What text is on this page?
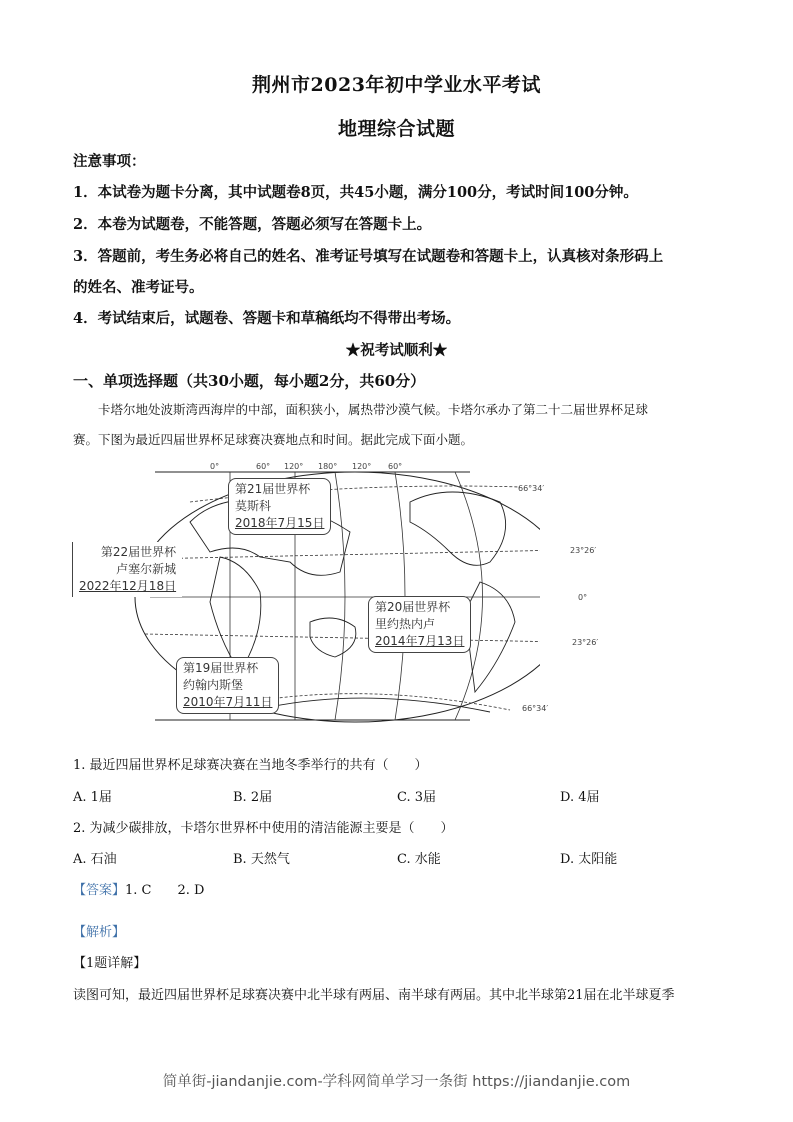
荆州市2023年初中学业水平考试
地理综合试题
注意事项：
1．本试卷为题卡分离，其中试题卷8页，共45小题，满分100分，考试时间100分钟。
2．本卷为试题卷，不能答题，答题必须写在答题卡上。
3．答题前，考生务必将自己的姓名、准考证号填写在试题卷和答题卡上，认真核对条形码上
的姓名、准考证号。
4．考试结束后，试题卷、答题卡和草稿纸均不得带出考场。
★祝考试顺利★
一、单项选择题（共30小题，每小题2分，共60分）
卡塔尔地处波斯湾西海岸的中部，面积狭小，属热带沙漠气候。卡塔尔承办了第二十二届世界杯足球
赛。下图为最近四届世界杯足球赛决赛地点和时间。据此完成下面小题。
0°	60° 120° 180° 120° 60°
66°34′
23°26′
0°
23°26′
66°34′
第21届世界杯
莫斯科
2018年7月15日
第22届世界杯
卢塞尔新城
2022年12月18日
第20届世界杯
里约热内卢
2014年7月13日
第19届世界杯
约翰内斯堡
2010年7月11日
1. 最近四届世界杯足球赛决赛在当地冬季举行的共有（　　）
A. 1届	B. 2届	C. 3届	D. 4届
2. 为减少碳排放，卡塔尔世界杯中使用的清洁能源主要是（　　）
A. 石油	B. 天然气	C. 水能	D. 太阳能
【答案】1. C　　2. D
【解析】
【1题详解】
读图可知，最近四届世界杯足球赛决赛中北半球有两届、南半球有两届。其中北半球第21届在北半球夏季
简单街-jiandanjie.com-学科网简单学习一条街 https://jiandanjie.com
